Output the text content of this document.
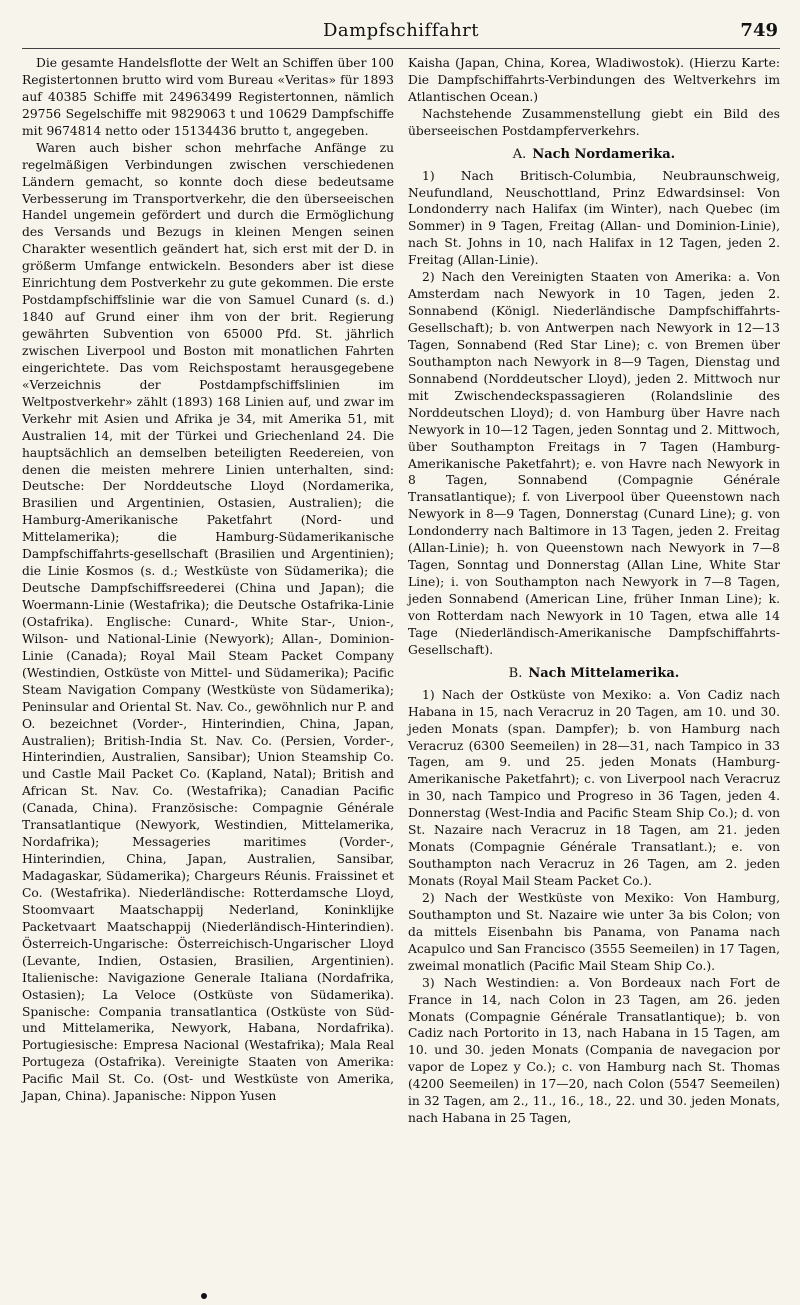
Dampfschiffahrt	749

Die gesamte Handelsflotte der Welt an Schiffen über 100 Registertonnen brutto wird vom Bureau «Veritas» für 1893 auf 40385 Schiffe mit 24963499 Registertonnen, nämlich 29756 Segelschiffe mit 9829063 t und 10629 Dampfschiffe mit 9674814 netto oder 15134436 brutto t, angegeben.

Waren auch bisher schon mehrfache Anfänge zu regelmäßigen Verbindungen zwischen verschiedenen Ländern gemacht, so konnte doch diese bedeutsame Verbesserung im Transportverkehr, die den überseeischen Handel ungemein gefördert und durch die Ermöglichung des Versands und Bezugs in kleinen Mengen seinen Charakter wesentlich geändert hat, sich erst mit der D. in größerm Umfange entwickeln. Besonders aber ist diese Einrichtung dem Postverkehr zu gute gekommen. Die erste Postdampfschiffslinie war die von Samuel Cunard (s. d.) 1840 auf Grund einer ihm von der brit. Regierung gewährten Subvention von 65000 Pfd. St. jährlich zwischen Liverpool und Boston mit monatlichen Fahrten eingerichtete. Das vom Reichspostamt herausgegebene «Verzeichnis der Postdampfschiffslinien im Weltpostverkehr» zählt (1893) 168 Linien auf, und zwar im Verkehr mit Asien und Afrika je 34, mit Amerika 51, mit Australien 14, mit der Türkei und Griechenland 24. Die hauptsächlich an demselben beteiligten Reedereien, von denen die meisten mehrere Linien unterhalten, sind: Deutsche: Der Norddeutsche Lloyd (Nordamerika, Brasilien und Argentinien, Ostasien, Australien); die Hamburg-Amerikanische Paketfahrt (Nord- und Mittelamerika); die Hamburg-Südamerikanische Dampfschiffahrts-gesellschaft (Brasilien und Argentinien); die Linie Kosmos (s. d.; Westküste von Südamerika); die Deutsche Dampfschiffsreederei (China und Japan); die Woermann-Linie (Westafrika); die Deutsche Ostafrika-Linie (Ostafrika). Englische: Cunard-, White Star-, Union-, Wilson- und National-Linie (Newyork); Allan-, Dominion-Linie (Canada); Royal Mail Steam Packet Company (Westindien, Ostküste von Mittel- und Südamerika); Pacific Steam Navigation Company (Westküste von Südamerika); Peninsular and Oriental St. Nav. Co., gewöhnlich nur P. and O. bezeichnet (Vorder-, Hinterindien, China, Japan, Australien); British-India St. Nav. Co. (Persien, Vorder-, Hinterindien, Australien, Sansibar); Union Steamship Co. und Castle Mail Packet Co. (Kapland, Natal); British and African St. Nav. Co. (Westafrika); Canadian Pacific (Canada, China). Französische: Compagnie Générale Transatlantique (Newyork, Westindien, Mittelamerika, Nordafrika); Messageries maritimes (Vorder-, Hinterindien, China, Japan, Australien, Sansibar, Madagaskar, Südamerika); Chargeurs Réunis. Fraissinet et Co. (Westafrika). Niederländische: Rotterdamsche Lloyd, Stoomvaart Maatschappij Nederland, Koninklijke Packetvaart Maatschappij (Niederländisch-Hinterindien). Österreich-Ungarische: Österreichisch-Ungarischer Lloyd (Levante, Indien, Ostasien, Brasilien, Argentinien). Italienische: Navigazione Generale Italiana (Nordafrika, Ostasien); La Veloce (Ostküste von Südamerika). Spanische: Compania transatlantica (Ostküste von Süd- und Mittelamerika, Newyork, Habana, Nordafrika). Portugiesische: Empresa Nacional (Westafrika); Mala Real Portugeza (Ostafrika). Vereinigte Staaten von Amerika: Pacific Mail St. Co. (Ost- und Westküste von Amerika, Japan, China). Japanische: Nippon Yusen

Kaisha (Japan, China, Korea, Wladiwostok). (Hierzu Karte: Die Dampfschiffahrts-Verbindungen des Weltverkehrs im Atlantischen Ocean.)

Nachstehende Zusammenstellung giebt ein Bild des überseeischen Postdampferverkehrs.

A. Nach Nordamerika.

1) Nach Britisch-Columbia, Neubraunschweig, Neufundland, Neuschottland, Prinz Edwardsinsel: Von Londonderry nach Halifax (im Winter), nach Quebec (im Sommer) in 9 Tagen, Freitag (Allan- und Dominion-Linie), nach St. Johns in 10, nach Halifax in 12 Tagen, jeden 2. Freitag (Allan-Linie).

2) Nach den Vereinigten Staaten von Amerika: a. Von Amsterdam nach Newyork in 10 Tagen, jeden 2. Sonnabend (Königl. Niederländische Dampfschiffahrts-Gesellschaft); b. von Antwerpen nach Newyork in 12—13 Tagen, Sonnabend (Red Star Line); c. von Bremen über Southampton nach Newyork in 8—9 Tagen, Dienstag und Sonnabend (Norddeutscher Lloyd), jeden 2. Mittwoch nur mit Zwischendeckspassagieren (Rolandslinie des Norddeutschen Lloyd); d. von Hamburg über Havre nach Newyork in 10—12 Tagen, jeden Sonntag und 2. Mittwoch, über Southampton Freitags in 7 Tagen (Hamburg-Amerikanische Paketfahrt); e. von Havre nach Newyork in 8 Tagen, Sonnabend (Compagnie Générale Transatlantique); f. von Liverpool über Queenstown nach Newyork in 8—9 Tagen, Donnerstag (Cunard Line); g. von Londonderry nach Baltimore in 13 Tagen, jeden 2. Freitag (Allan-Linie); h. von Queenstown nach Newyork in 7—8 Tagen, Sonntag und Donnerstag (Allan Line, White Star Line); i. von Southampton nach Newyork in 7—8 Tagen, jeden Sonnabend (American Line, früher Inman Line); k. von Rotterdam nach Newyork in 10 Tagen, etwa alle 14 Tage (Niederländisch-Amerikanische Dampfschiffahrts-Gesellschaft).

B. Nach Mittelamerika.

1) Nach der Ostküste von Mexiko: a. Von Cadiz nach Habana in 15, nach Veracruz in 20 Tagen, am 10. und 30. jeden Monats (span. Dampfer); b. von Hamburg nach Veracruz (6300 Seemeilen) in 28—31, nach Tampico in 33 Tagen, am 9. und 25. jeden Monats (Hamburg-Amerikanische Paketfahrt); c. von Liverpool nach Veracruz in 30, nach Tampico und Progreso in 36 Tagen, jeden 4. Donnerstag (West-India and Pacific Steam Ship Co.); d. von St. Nazaire nach Veracruz in 18 Tagen, am 21. jeden Monats (Compagnie Générale Transatlant.); e. von Southampton nach Veracruz in 26 Tagen, am 2. jeden Monats (Royal Mail Steam Packet Co.).

2) Nach der Westküste von Mexiko: Von Hamburg, Southampton und St. Nazaire wie unter 3a bis Colon; von da mittels Eisenbahn bis Panama, von Panama nach Acapulco und San Francisco (3555 Seemeilen) in 17 Tagen, zweimal monatlich (Pacific Mail Steam Ship Co.).

3) Nach Westindien: a. Von Bordeaux nach Fort de France in 14, nach Colon in 23 Tagen, am 26. jeden Monats (Compagnie Générale Transatlantique); b. von Cadiz nach Portorito in 13, nach Habana in 15 Tagen, am 10. und 30. jeden Monats (Compania de navegacion por vapor de Lopez y Co.); c. von Hamburg nach St. Thomas (4200 Seemeilen) in 17—20, nach Colon (5547 Seemeilen) in 32 Tagen, am 2., 11., 16., 18., 22. und 30. jeden Monats, nach Habana in 25 Tagen,
